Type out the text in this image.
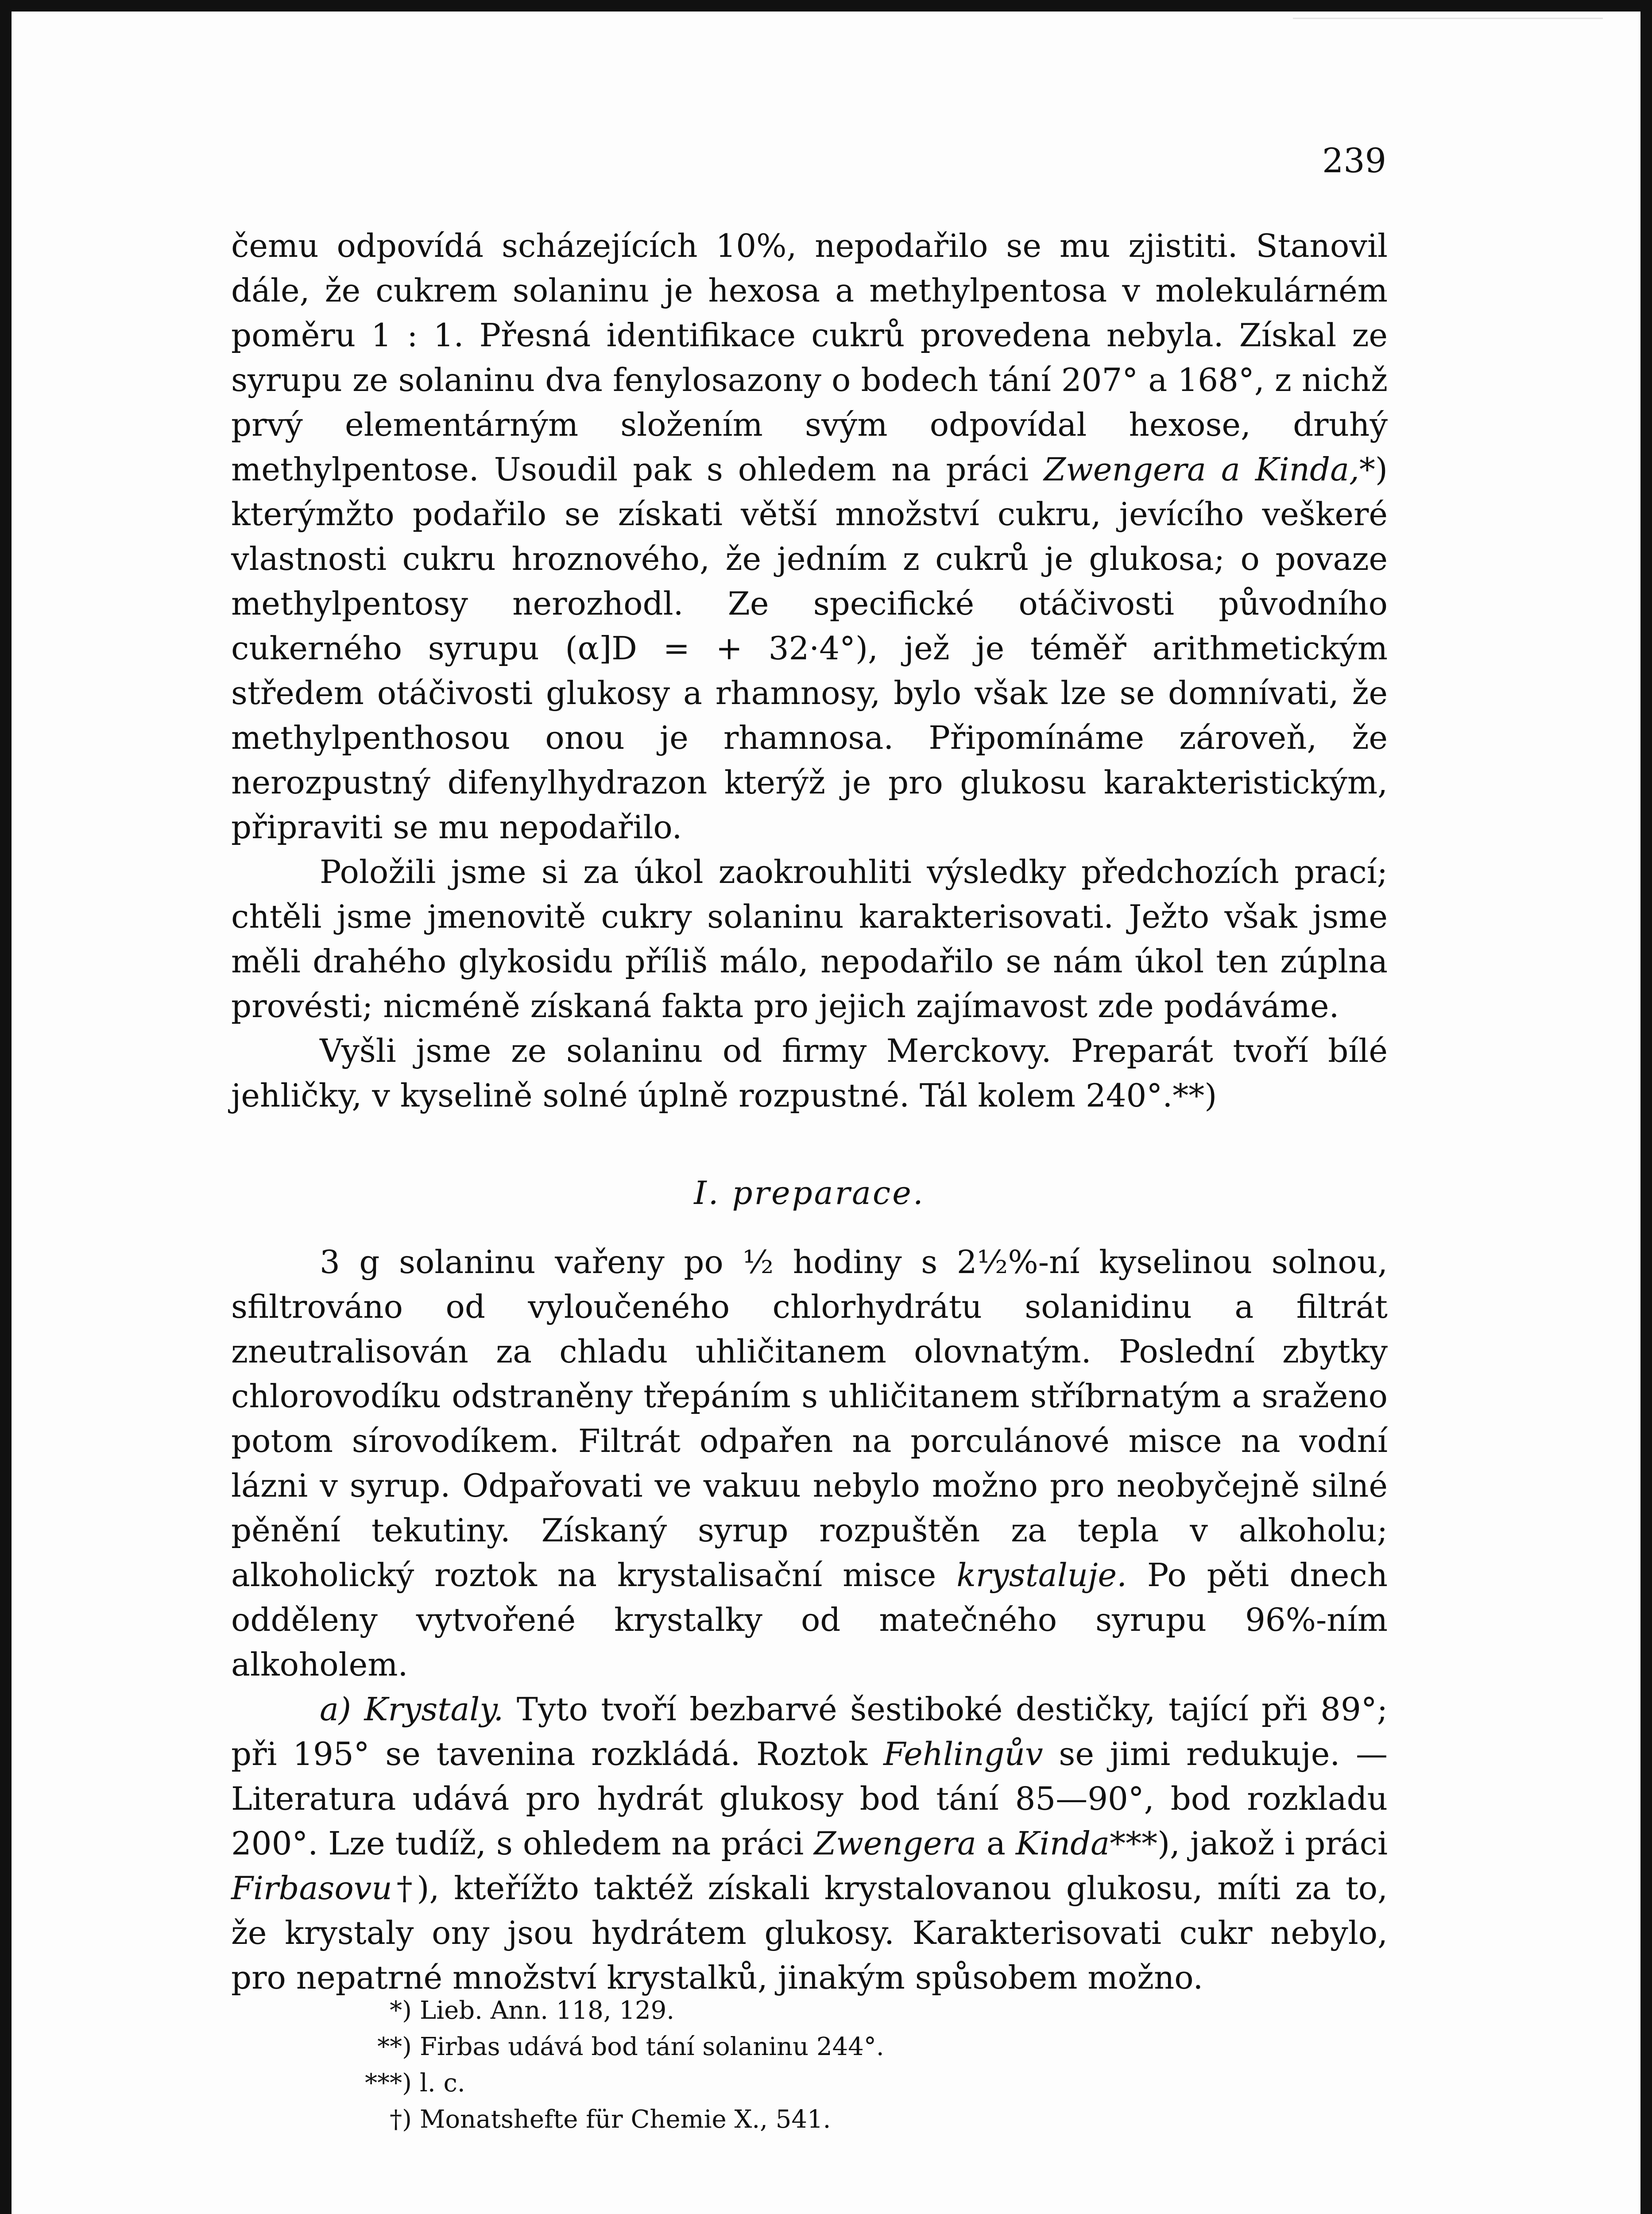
239

čemu odpovídá scházejících 10%, nepodařilo se mu zjistiti. Stanovil dále, že cukrem solaninu je hexosa a methylpentosa v molekulárném poměru 1 : 1. Přesná identifikace cukrů provedena nebyla. Získal ze syrupu ze solaninu dva fenylosazony o bodech tání 207° a 168°, z nichž prvý elementárným složením svým odpovídal hexose, druhý methylpentose. Usoudil pak s ohledem na práci Zwengera a Kinda,*) kterýmžto podařilo se získati větší množství cukru, jevícího veškeré vlastnosti cukru hroznového, že jedním z cukrů je glukosa; o povaze methylpentosy nerozhodl. Ze specifické otáčivosti původního cukerného syrupu (α]D = + 32·4°), jež je téměř arithmetickým středem otáčivosti glukosy a rhamnosy, bylo však lze se domnívati, že methylpenthosou onou je rhamnosa. Připomínáme zároveň, že nerozpustný difenylhydrazon kterýž je pro glukosu karakteristickým, připraviti se mu nepodařilo.

Položili jsme si za úkol zaokrouhliti výsledky předchozích prací; chtěli jsme jmenovitě cukry solaninu karakterisovati. Ježto však jsme měli drahého glykosidu příliš málo, nepodařilo se nám úkol ten zúplna provésti; nicméně získaná fakta pro jejich zajímavost zde podáváme.

Vyšli jsme ze solaninu od firmy Merckovy. Preparát tvoří bílé jehličky, v kyselině solné úplně rozpustné. Tál kolem 240°.**)

I. preparace.

3 g solaninu vařeny po ½ hodiny s 2½%-ní kyselinou solnou, sfiltrováno od vyloučeného chlorhydrátu solanidinu a filtrát zneutralisován za chladu uhličitanem olovnatým. Poslední zbytky chlorovodíku odstraněny třepáním s uhličitanem stříbrnatým a sraženo potom sírovodíkem. Filtrát odpařen na porculánové misce na vodní lázni v syrup. Odpařovati ve vakuu nebylo možno pro neobyčejně silné pěnění tekutiny. Získaný syrup rozpuštěn za tepla v alkoholu; alkoholický roztok na krystalisační misce krystaluje. Po pěti dnech odděleny vytvořené krystalky od matečného syrupu 96%-ním alkoholem.

a) Krystaly. Tyto tvoří bezbarvé šestiboké destičky, tající při 89°; při 195° se tavenina rozkládá. Roztok Fehlingův se jimi redukuje. — Literatura udává pro hydrát glukosy bod tání 85—90°, bod rozkladu 200°. Lze tudíž, s ohledem na práci Zwengera a Kinda***), jakož i práci Firbasovu†), kteřížto taktéž získali krystalovanou glukosu, míti za to, že krystaly ony jsou hydrátem glukosy. Karakterisovati cukr nebylo, pro nepatrné množství krystalků, jinakým spůsobem možno.

*) Lieb. Ann. 118, 129.
**) Firbas udává bod tání solaninu 244°.
***) l. c.
†) Monatshefte für Chemie X., 541.
